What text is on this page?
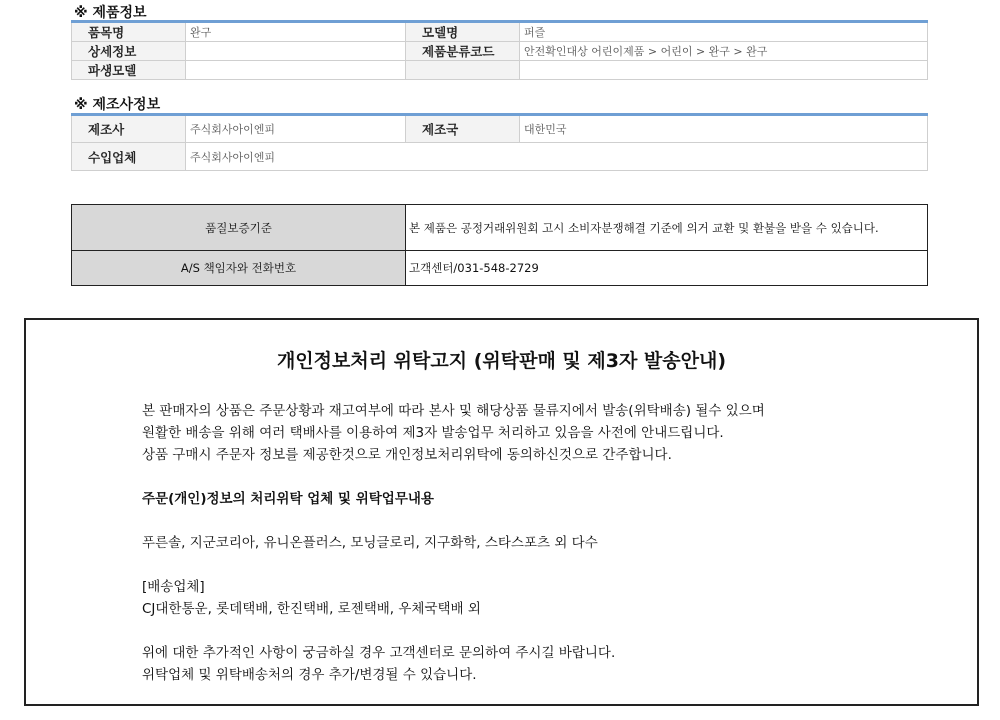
※ 제품정보
품목명	완구	모델명	퍼즐
상세정보		제품분류코드	안전확인대상 어린이제품 > 어린이 > 완구 > 완구
파생모델			
※ 제조사정보
제조사	주식회사아이엔피	제조국	대한민국
수입업체	주식회사아이엔피		
품질보증기준	본 제품은 공정거래위원회 고시 소비자분쟁해결 기준에 의거 교환 및 환불을 받을 수 있습니다.
A/S 책임자와 전화번호	고객센터/031-548-2729
개인정보처리 위탁고지 (위탁판매 및 제3자 발송안내)
본 판매자의 상품은 주문상황과 재고여부에 따라 본사 및 해당상품 물류지에서 발송(위탁배송) 될수 있으며
원활한 배송을 위해 여러 택배사를 이용하여 제3자 발송업무 처리하고 있음을 사전에 안내드립니다.
상품 구매시 주문자 정보를 제공한것으로 개인정보처리위탁에 동의하신것으로 간주합니다.
주문(개인)정보의 처리위탁 업체 및 위탁업무내용
푸른솔, 지군코리아, 유니온플러스, 모닝글로리, 지구화학, 스타스포츠 외 다수
[배송업체]
CJ대한통운, 롯데택배, 한진택배, 로젠택배, 우체국택배 외
위에 대한 추가적인 사항이 궁금하실 경우 고객센터로 문의하여 주시길 바랍니다.
위탁업체 및 위탁배송처의 경우 추가/변경될 수 있습니다.
